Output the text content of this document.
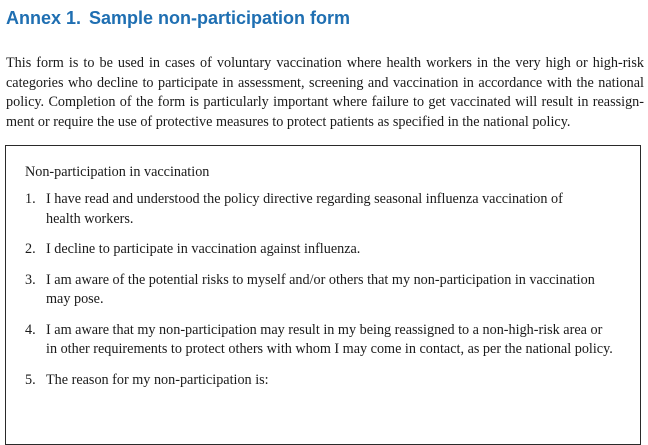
Annex 1. Sample non-participation form

This form is to be used in cases of voluntary vaccination where health workers in the very high or high-risk categories who decline to participate in assessment, screening and vaccination in accordance with the national policy. Completion of the form is particularly important where failure to get vaccinated will result in reassign- ment or require the use of protective measures to protect patients as specified in the national policy.

Non-participation in vaccination

1. I have read and understood the policy directive regarding seasonal influenza vaccination of
health workers.
2. I decline to participate in vaccination against influenza.
3. I am aware of the potential risks to myself and/or others that my non-participation in vaccination
may pose.
4. I am aware that my non-participation may result in my being reassigned to a non-high-risk area or
in other requirements to protect others with whom I may come in contact, as per the national policy.
5. The reason for my non-participation is:
